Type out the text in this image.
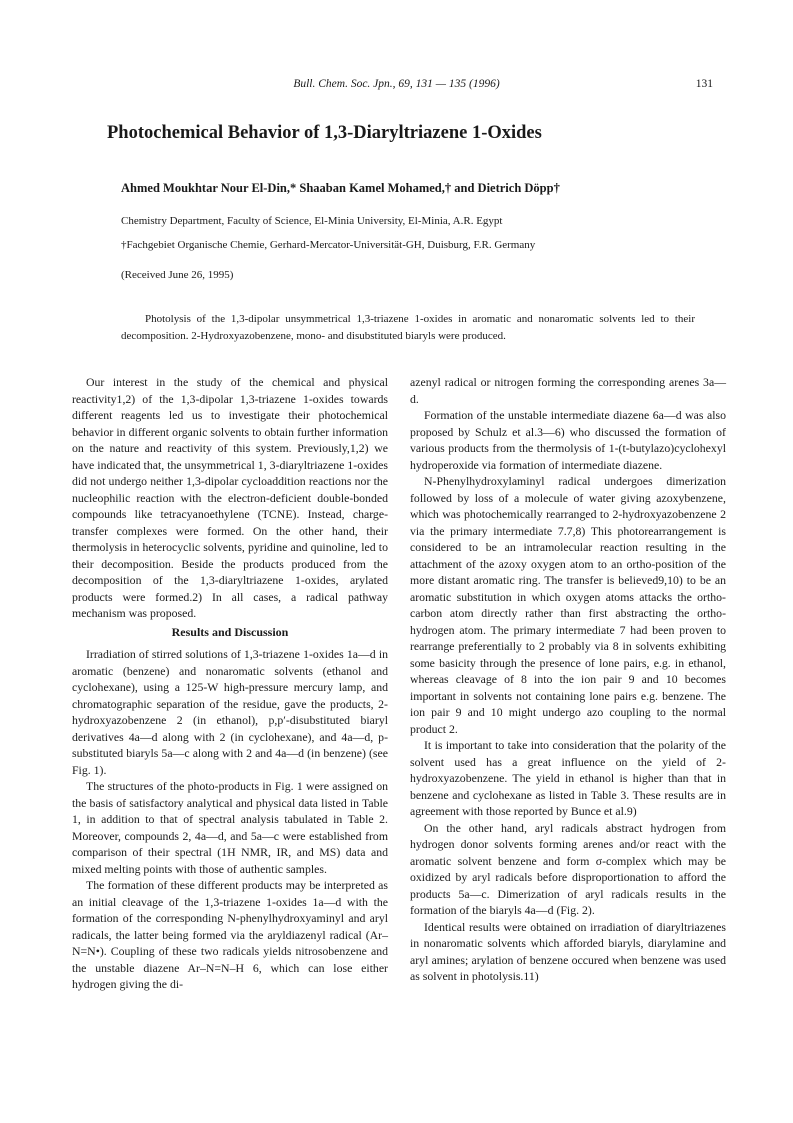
Bull. Chem. Soc. Jpn., 69, 131 — 135 (1996)	131
Photochemical Behavior of 1,3-Diaryltriazene 1-Oxides

Ahmed Moukhtar Nour El-Din,* Shaaban Kamel Mohamed,† and Dietrich Döpp†

Chemistry Department, Faculty of Science, El-Minia University, El-Minia, A.R. Egypt

†Fachgebiet Organische Chemie, Gerhard-Mercator-Universität-GH, Duisburg, F.R. Germany

(Received June 26, 1995)

Photolysis of the 1,3-dipolar unsymmetrical 1,3-triazene 1-oxides in aromatic and nonaromatic solvents led to their decomposition. 2-Hydroxyazobenzene, mono- and disubstituted biaryls were produced.

Our interest in the study of the chemical and physical reactivity1,2) of the 1,3-dipolar 1,3-triazene 1-oxides towards different reagents led us to investigate their photochemical behavior in different organic solvents to obtain further information on the nature and reactivity of this system. Previously,1,2) we have indicated that, the unsymmetrical 1, 3-diaryltriazene 1-oxides did not undergo neither 1,3-dipolar cycloaddition reactions nor the nucleophilic reaction with the electron-deficient double-bonded compounds like tetracyanoethylene (TCNE). Instead, charge-transfer complexes were formed. On the other hand, their thermolysis in heterocyclic solvents, pyridine and quinoline, led to their decomposition. Beside the products produced from the decomposition of the 1,3-diaryltriazene 1-oxides, arylated products were formed.2) In all cases, a radical pathway mechanism was proposed.

Results and Discussion

Irradiation of stirred solutions of 1,3-triazene 1-oxides 1a—d in aromatic (benzene) and nonaromatic solvents (ethanol and cyclohexane), using a 125-W high-pressure mercury lamp, and chromatographic separation of the residue, gave the products, 2-hydroxyazobenzene 2 (in ethanol), p,p′-disubstituted biaryl derivatives 4a—d along with 2 (in cyclohexane), and 4a—d, p-substituted biaryls 5a—c along with 2 and 4a—d (in benzene) (see Fig. 1).

The structures of the photo-products in Fig. 1 were assigned on the basis of satisfactory analytical and physical data listed in Table 1, in addition to that of spectral analysis tabulated in Table 2. Moreover, compounds 2, 4a—d, and 5a—c were established from comparison of their spectral (1H NMR, IR, and MS) data and mixed melting points with those of authentic samples.

The formation of these different products may be interpreted as an initial cleavage of the 1,3-triazene 1-oxides 1a—d with the formation of the corresponding N-phenylhydroxyaminyl and aryl radicals, the latter being formed via the aryldiazenyl radical (Ar–N=N•). Coupling of these two radicals yields nitrosobenzene and the unstable diazene Ar–N=N–H 6, which can lose either hydrogen giving the di-

azenyl radical or nitrogen forming the corresponding arenes 3a—d.

Formation of the unstable intermediate diazene 6a—d was also proposed by Schulz et al.3—6) who discussed the formation of various products from the thermolysis of 1-(t-butylazo)cyclohexyl hydroperoxide via formation of intermediate diazene.

N-Phenylhydroxylaminyl radical undergoes dimerization followed by loss of a molecule of water giving azoxybenzene, which was photochemically rearranged to 2-hydroxyazobenzene 2 via the primary intermediate 7.7,8) This photorearrangement is considered to be an intramolecular reaction resulting in the attachment of the azoxy oxygen atom to an ortho-position of the more distant aromatic ring. The transfer is believed9,10) to be an aromatic substitution in which oxygen atoms attacks the ortho-carbon atom directly rather than first abstracting the ortho-hydrogen atom. The primary intermediate 7 had been proven to rearrange preferentially to 2 probably via 8 in solvents exhibiting some basicity through the presence of lone pairs, e.g. in ethanol, whereas cleavage of 8 into the ion pair 9 and 10 becomes important in solvents not containing lone pairs e.g. benzene. The ion pair 9 and 10 might undergo azo coupling to the normal product 2.

It is important to take into consideration that the polarity of the solvent used has a great influence on the yield of 2-hydroxyazobenzene. The yield in ethanol is higher than that in benzene and cyclohexane as listed in Table 3. These results are in agreement with those reported by Bunce et al.9)

On the other hand, aryl radicals abstract hydrogen from hydrogen donor solvents forming arenes and/or react with the aromatic solvent benzene and form σ-complex which may be oxidized by aryl radicals before disproportionation to afford the products 5a—c. Dimerization of aryl radicals results in the formation of the biaryls 4a—d (Fig. 2).

Identical results were obtained on irradiation of diaryltriazenes in nonaromatic solvents which afforded biaryls, diarylamine and aryl amines; arylation of benzene occured when benzene was used as solvent in photolysis.11)
